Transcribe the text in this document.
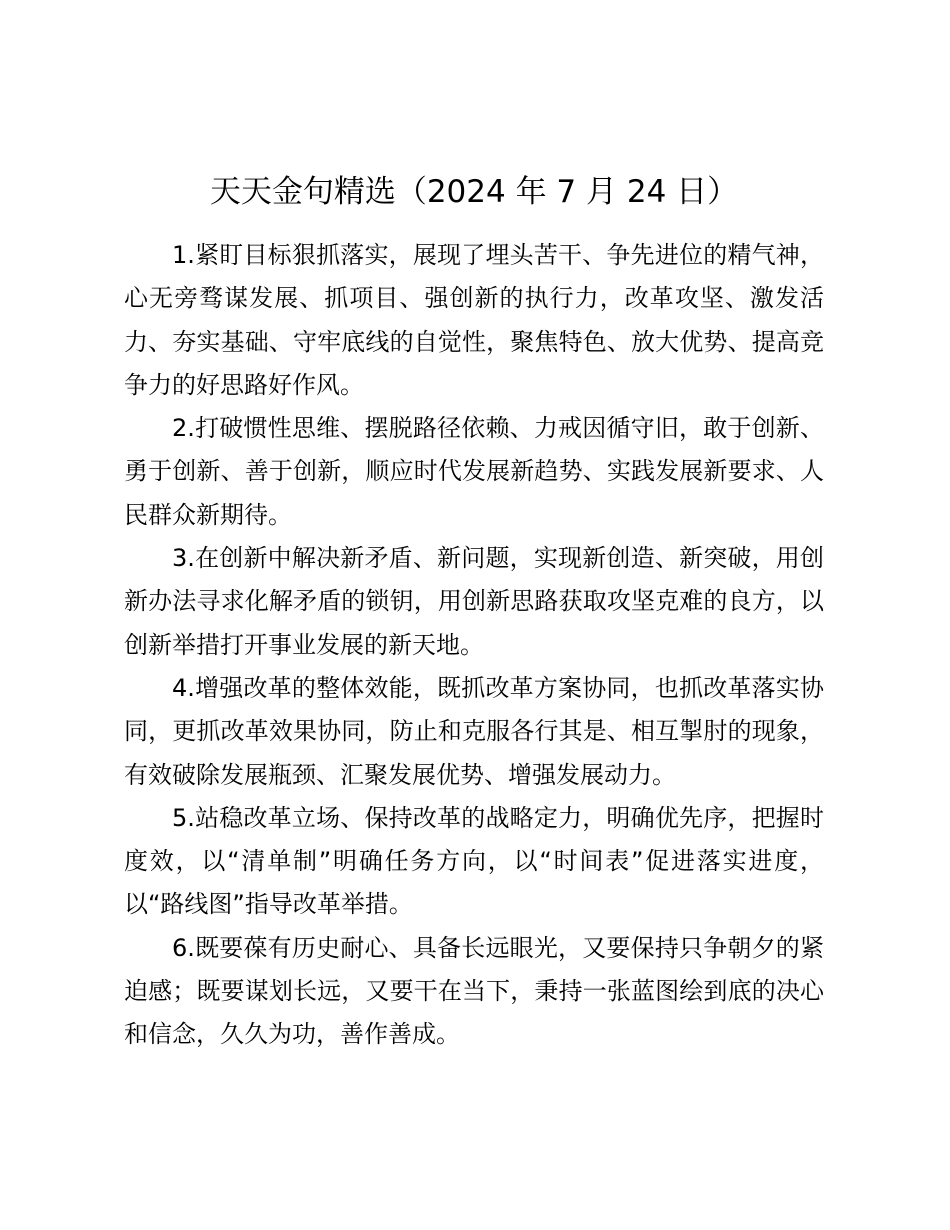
天天金句精选（2024 年 7 月 24 日）

1.紧盯目标狠抓落实，展现了埋头苦干、争先进位的精气神，心无旁骛谋发展、抓项目、强创新的执行力，改革攻坚、激发活力、夯实基础、守牢底线的自觉性，聚焦特色、放大优势、提高竞争力的好思路好作风。

2.打破惯性思维、摆脱路径依赖、力戒因循守旧，敢于创新、勇于创新、善于创新，顺应时代发展新趋势、实践发展新要求、人民群众新期待。

3.在创新中解决新矛盾、新问题，实现新创造、新突破，用创新办法寻求化解矛盾的锁钥，用创新思路获取攻坚克难的良方，以创新举措打开事业发展的新天地。

4.增强改革的整体效能，既抓改革方案协同，也抓改革落实协同，更抓改革效果协同，防止和克服各行其是、相互掣肘的现象，有效破除发展瓶颈、汇聚发展优势、增强发展动力。

5.站稳改革立场、保持改革的战略定力，明确优先序，把握时度效，以“清单制”明确任务方向，以“时间表”促进落实进度，以“路线图”指导改革举措。

6.既要葆有历史耐心、具备长远眼光，又要保持只争朝夕的紧迫感；既要谋划长远，又要干在当下，秉持一张蓝图绘到底的决心和信念，久久为功，善作善成。
